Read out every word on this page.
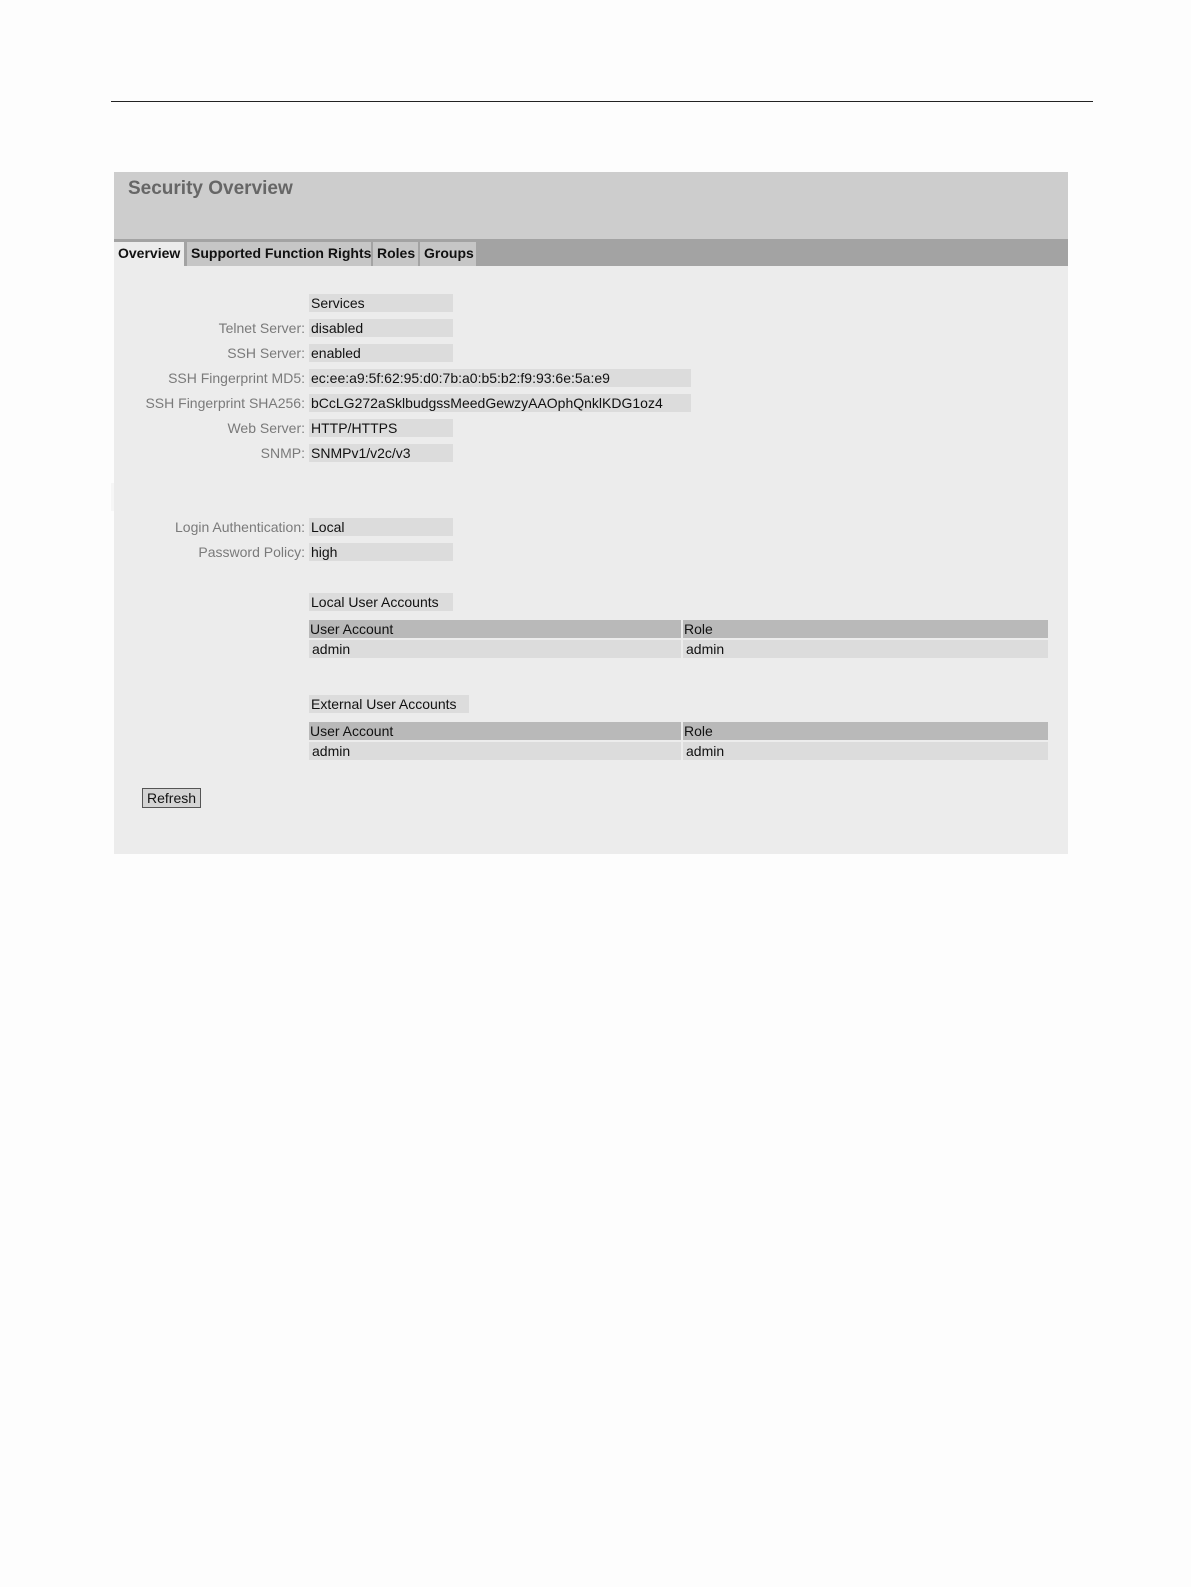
Security Overview
Overview Supported Function Rights Roles Groups
Services
Telnet Server: disabled
SSH Server: enabled
SSH Fingerprint MD5: ec:ee:a9:5f:62:95:d0:7b:a0:b5:b2:f9:93:6e:5a:e9
SSH Fingerprint SHA256: bCcLG272aSklbudgssMeedGewzyAAOphQnklKDG1oz4
Web Server: HTTP/HTTPS
SNMP: SNMPv1/v2c/v3
Login Authentication: Local
Password Policy: high
Local User Accounts
User Account	Role
admin	admin
External User Accounts
User Account	Role
admin	admin
Refresh
